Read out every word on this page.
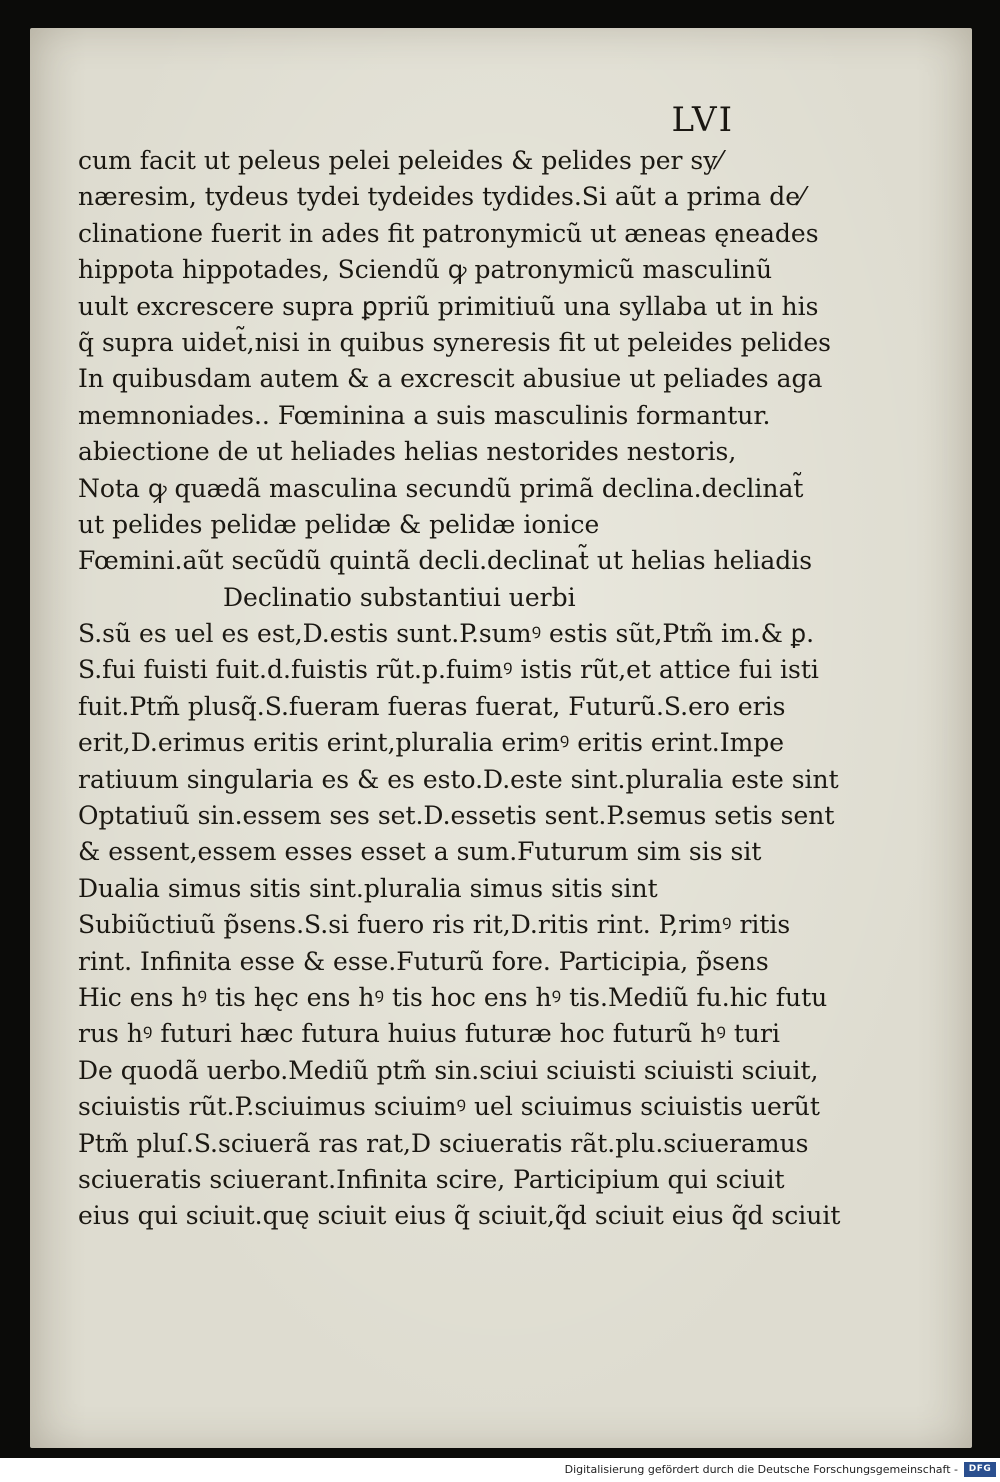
LVI
cum facit ut peleus pelei peleides & pelides per sy⁄
næresim, tydeus tydei tydeides tydides.Si aũt a prima de⁄
clinatione fuerit in ades fit patronymicũ ut æneas ęneades
hippota hippotades, Sciendũ ꝙ patronymicũ masculinũ
uult excrescere supra ꝑpriũ primitiuũ una syllaba ut in his
q̃ supra uidet̃,nisi in quibus syneresis fit ut peleides pelides
In quibusdam autem & a excrescit abusiue ut peliades aga
memnoniades.. Fœminina a suis masculinis formantur.
abiectione de ut heliades helias nestorides nestoris,
Nota ꝙ quædã masculina secundũ primã declina.declinat̃
ut pelides pelidæ pelidæ & pelidæ ionice
Fœmini.aũt secũdũ quintã decli.declinat̃ ut helias heliadis
Declinatio substantiui uerbi
S.sũ es uel es est,D.estis sunt.P.sumꝰ estis sũt,Ptm̃ im.& ꝑ.
S.fui fuisti fuit.d.fuistis rũt.p.fuimꝰ istis rũt,et attice fui isti
fuit.Ptm̃ plusq̃.S.fueram fueras fuerat, Futurũ.S.ero eris
erit,D.erimus eritis erint,pluralia erimꝰ eritis erint.Impe
ratiuum singularia es & es esto.D.este sint.pluralia este sint
Optatiuũ sin.essem ses set.D.essetis sent.P.semus setis sent
& essent,essem esses esset a sum.Futurum sim sis sit
Dualia simus sitis sint.pluralia simus sitis sint
Subiũctiuũ p̃sens.S.si fuero ris rit,D.ritis rint. P,rimꝰ ritis
rint. Infinita esse & esse.Futurũ fore. Participia, p̃sens
Hic ens hꝰ tis hęc ens hꝰ tis hoc ens hꝰ tis.Mediũ fu.hic futu
rus hꝰ futuri hæc futura huius futuræ hoc futurũ hꝰ turi
De quodã uerbo.Mediũ ptm̃ sin.sciui sciuisti sciuisti sciuit,
sciuistis rũt.P.sciuimus sciuimꝰ uel sciuimus sciuistis uerũt
Ptm̃ pluſ.S.sciuerã ras rat,D sciueratis rãt.plu.sciueramus
sciueratis sciuerant.Infinita scire, Participium qui sciuit
eius qui sciuit.quę sciuit eius q̃ sciuit,q̃d sciuit eius q̃d sciuit
Digitalisierung gefördert durch die Deutsche Forschungsgemeinschaft -	DFG
